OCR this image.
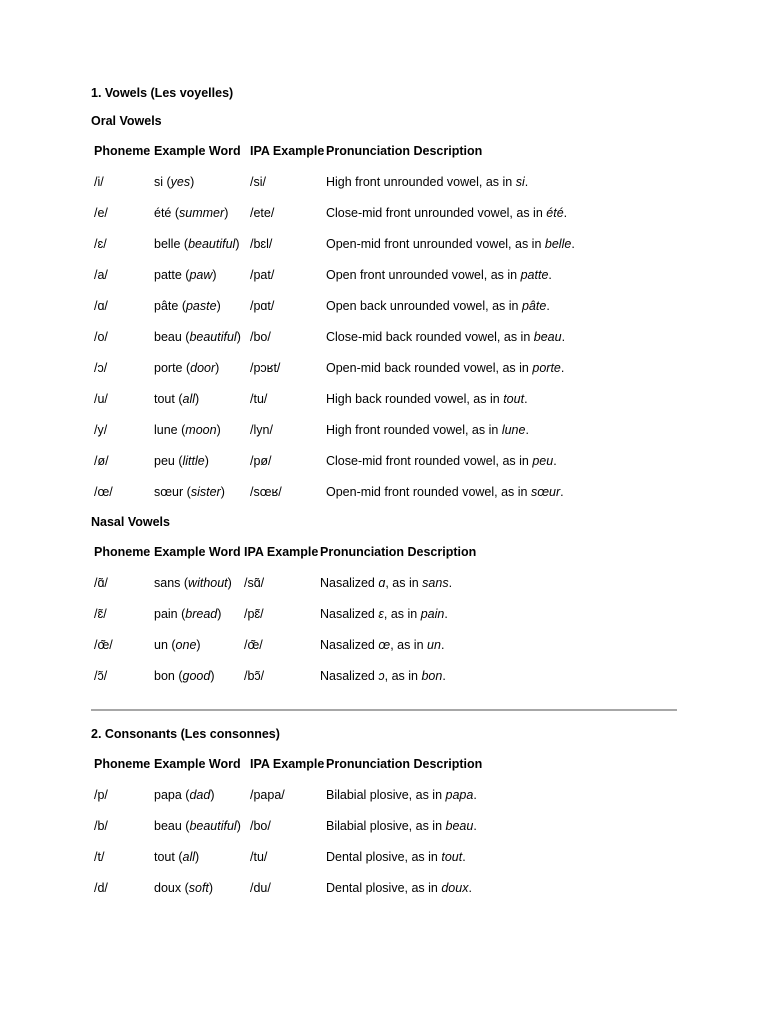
1. Vowels (Les voyelles)
Oral Vowels
Phoneme Example Word IPA Example Pronunciation Description
/i/	si (yes)	/si/	High front unrounded vowel, as in si.
/e/	été (summer) /ete/	Close-mid front unrounded vowel, as in été.
/ɛ/	belle (beautiful) /bɛl/	Open-mid front unrounded vowel, as in belle.
/a/	patte (paw)	/pat/	Open front unrounded vowel, as in patte.
/ɑ/	pâte (paste) /pɑt/	Open back unrounded vowel, as in pâte.
/o/	beau (beautiful) /bo/	Close-mid back rounded vowel, as in beau.
/ɔ/	porte (door) /pɔʁt/	Open-mid back rounded vowel, as in porte.
/u/	tout (all)	/tu/	High back rounded vowel, as in tout.
/y/	lune (moon) /lyn/	High front rounded vowel, as in lune.
/ø/	peu (little)	/pø/	Close-mid front rounded vowel, as in peu.
/œ/	sœur (sister) /sœʁ/	Open-mid front rounded vowel, as in sœur.
Nasal Vowels
Phoneme Example Word IPA Example Pronunciation Description
/ɑ̃/	sans (without) /sɑ̃/	Nasalized ɑ, as in sans.
/ɛ̃/	pain (bread) /pɛ̃/	Nasalized ɛ, as in pain.
/œ̃/	un (one)	/œ̃/	Nasalized œ, as in un.
/ɔ̃/	bon (good) /bɔ̃/	Nasalized ɔ, as in bon.
2. Consonants (Les consonnes)
Phoneme Example Word IPA Example Pronunciation Description
/p/	papa (dad)	/papa/	Bilabial plosive, as in papa.
/b/	beau (beautiful) /bo/	Bilabial plosive, as in beau.
/t/	tout (all)	/tu/	Dental plosive, as in tout.
/d/	doux (soft)	/du/	Dental plosive, as in doux.
